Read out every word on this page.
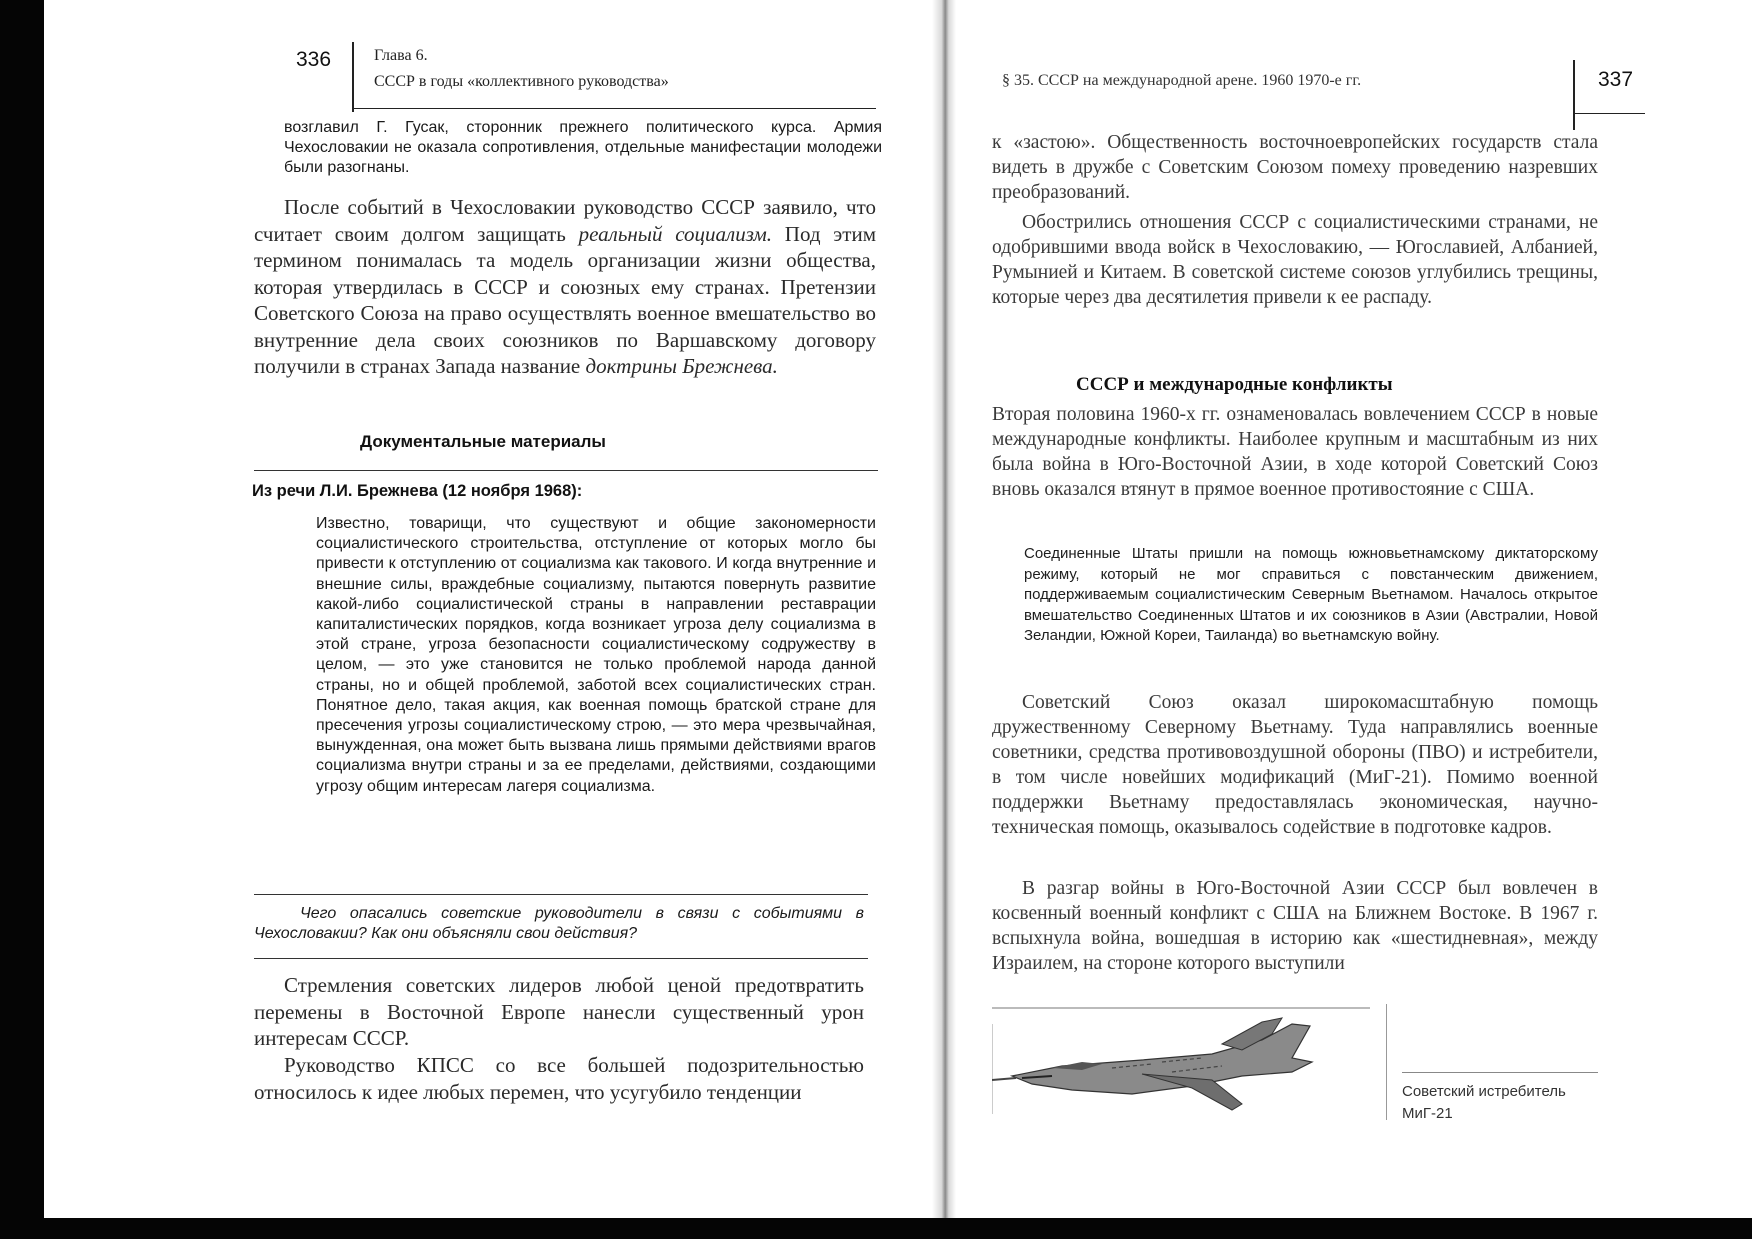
336	Глава 6.
СССР в годы «коллективного руководства»
возглавил Г. Гусак, сторонник прежнего политического курса. Армия Чехословакии не оказала сопротивления, отдельные манифестации молодежи были разогнаны.
После событий в Чехословакии руководство СССР заявило, что считает своим долгом защищать реальный социализм. Под этим термином понималась та модель организации жизни общества, которая утвердилась в СССР и союзных ему странах. Претензии Советского Союза на право осуществлять военное вмешательство во внутренние дела своих союзников по Варшавскому договору получили в странах Запада название доктрины Брежнева.
Документальные материалы
Из речи Л.И. Брежнева (12 ноября 1968):
Известно, товарищи, что существуют и общие закономерности социалистического строительства, отступление от которых могло бы привести к отступлению от социализма как такового. И когда внутренние и внешние силы, враждебные социализму, пытаются повернуть развитие какой-либо социалистической страны в направлении реставрации капиталистических порядков, когда возникает угроза делу социализма в этой стране, угроза безопасности социалистическому содружеству в целом, — это уже становится не только проблемой народа данной страны, но и общей проблемой, заботой всех социалистических стран. Понятное дело, такая акция, как военная помощь братской стране для пресечения угрозы социалистическому строю, — это мера чрезвычайная, вынужденная, она может быть вызвана лишь прямыми действиями врагов социализма внутри страны и за ее пределами, действиями, создающими угрозу общим интересам лагеря социализма.
Чего опасались советские руководители в связи с событиями в Чехословакии? Как они объясняли свои действия?
Стремления советских лидеров любой ценой предотвратить перемены в Восточной Европе нанесли существенный урон интересам СССР.
Руководство КПСС со все большей подозрительностью относилось к идее любых перемен, что усугубило тенденции
§ 35. СССР на международной арене. 1960 1970-е гг.	337
к «застою». Общественность восточноевропейских государств стала видеть в дружбе с Советским Союзом помеху проведению назревших преобразований.
Обострились отношения СССР с социалистическими странами, не одобрившими ввода войск в Чехословакию, — Югославией, Албанией, Румынией и Китаем. В советской системе союзов углубились трещины, которые через два десятилетия привели к ее распаду.
СССР и международные конфликты
Вторая половина 1960-х гг. ознаменовалась вовлечением СССР в новые международные конфликты. Наиболее крупным и масштабным из них была война в Юго-Восточной Азии, в ходе которой Советский Союз вновь оказался втянут в прямое военное противостояние с США.
Соединенные Штаты пришли на помощь южновьетнамскому диктаторскому режиму, который не мог справиться с повстанческим движением, поддерживаемым социалистическим Северным Вьетнамом. Началось открытое вмешательство Соединенных Штатов и их союзников в Азии (Австралии, Новой Зеландии, Южной Кореи, Таиланда) во вьетнамскую войну.
Советский Союз оказал широкомасштабную помощь дружественному Северному Вьетнаму. Туда направлялись военные советники, средства противовоздушной обороны (ПВО) и истребители, в том числе новейших модификаций (МиГ-21). Помимо военной поддержки Вьетнаму предоставлялась экономическая, научно-техническая помощь, оказывалось содействие в подготовке кадров.
В разгар войны в Юго-Восточной Азии СССР был вовлечен в косвенный военный конфликт с США на Ближнем Востоке. В 1967 г. вспыхнула война, вошедшая в историю как «шестидневная», между Израилем, на стороне которого выступили
Советский истребитель
МиГ-21
